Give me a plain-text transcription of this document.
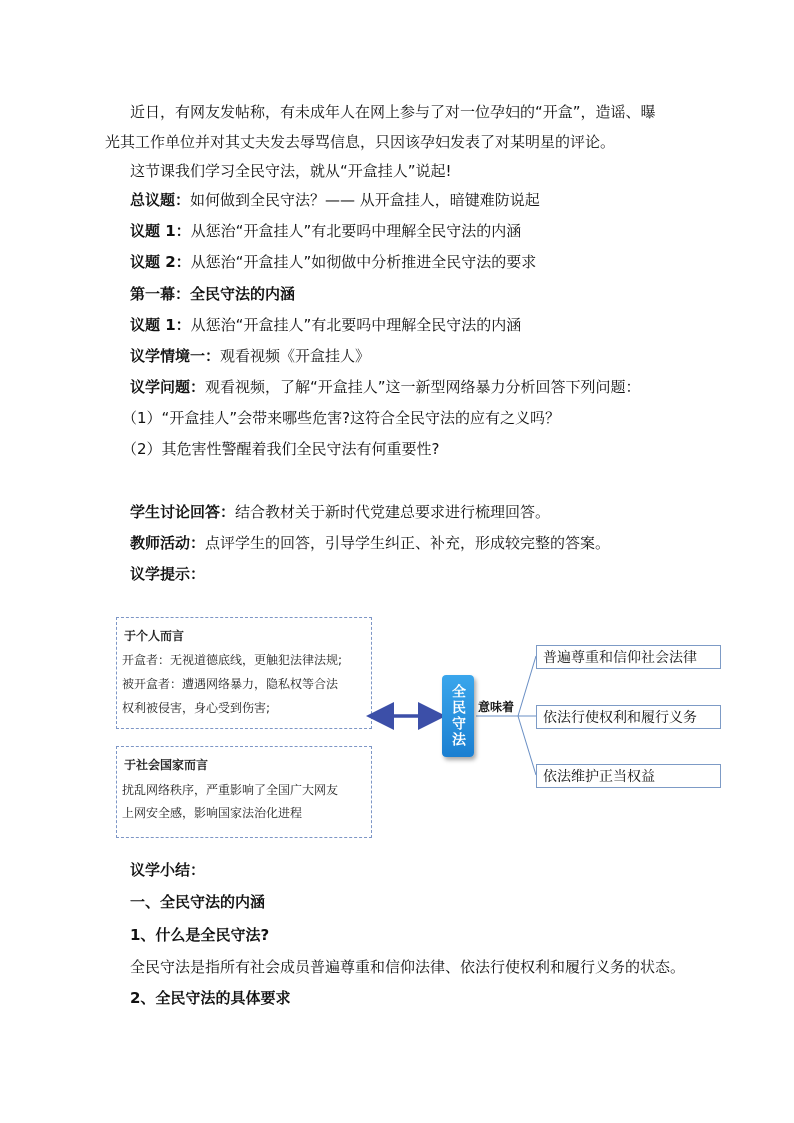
近日，有网友发帖称，有未成年人在网上参与了对一位孕妇的“开盒”，造谣、曝
光其工作单位并对其丈夫发去辱骂信息，只因该孕妇发表了对某明星的评论。
这节课我们学习全民守法，就从“开盒挂人”说起!
总议题：如何做到全民守法？—— 从开盒挂人，暗键难防说起
议题 1：从惩治“开盒挂人”有北要吗中理解全民守法的内涵
议题 2：从惩治“开盒挂人”如彻做中分析推进全民守法的要求
第一幕：全民守法的内涵
议题 1：从惩治“开盒挂人”有北要吗中理解全民守法的内涵
议学情境一：观看视频《开盒挂人》
议学问题：观看视频，了解“开盒挂人”这一新型网络暴力分析回答下列问题：
（1）“开盒挂人”会带来哪些危害?这符合全民守法的应有之义吗？
（2）其危害性警醒着我们全民守法有何重要性?
学生讨论回答：结合教材关于新时代党建总要求进行梳理回答。
教师活动：点评学生的回答，引导学生纠正、补充，形成较完整的答案。
议学提示：
于个人而言
开盒者：无视道德底线，更触犯法律法规;
被开盒者：遭遇网络暴力，隐私权等合法
权利被侵害，身心受到伤害;
于社会国家而言
扰乱网络秩序，严重影响了全国广大网友
上网安全感，影响国家法治化进程
全民守法 意味着
普遍尊重和信仰社会法律
依法行使权利和履行义务
依法维护正当权益
议学小结：
一、全民守法的内涵
1、什么是全民守法?
全民守法是指所有社会成员普遍尊重和信仰法律、依法行使权利和履行义务的状态。
2、全民守法的具体要求
